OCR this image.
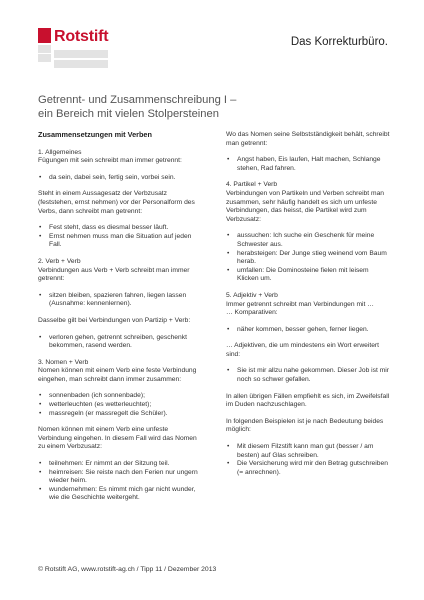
Rotstift	Das Korrekturbüro.
Getrennt- und Zusammenschreibung I –
ein Bereich mit vielen Stolpersteinen
Zusammensetzungen mit Verben

1. Allgemeines
Fügungen mit sein schreibt man immer getrennt:

• da sein, dabei sein, fertig sein, vorbei sein.

Steht in einem Aussagesatz der Verbzusatz (feststehen, ernst nehmen) vor der Personalform des Verbs, dann schreibt man getrennt:

• Fest steht, dass es diesmal besser läuft.
• Ernst nehmen muss man die Situation auf jeden Fall.

2. Verb + Verb
Verbindungen aus Verb + Verb schreibt man immer getrennt:

• sitzen bleiben, spazieren fahren, liegen lassen (Ausnahme: kennenlernen).

Dasselbe gilt bei Verbindungen von Partizip + Verb:

• verloren gehen, getrennt schreiben, geschenkt bekommen, rasend werden.

3. Nomen + Verb
Nomen können mit einem Verb eine feste Verbindung eingehen, man schreibt dann immer zusammen:

• sonnenbaden (ich sonnenbade);
• wetterleuchten (es wetterleuchtet);
• massregeln (er massregelt die Schüler).

Nomen können mit einem Verb eine unfeste Verbindung eingehen. In diesem Fall wird das Nomen zu einem Verbzusatz:

• teilnehmen: Er nimmt an der Sitzung teil.
• heimreisen: Sie reiste nach den Ferien nur ungern wieder heim.
• wundernehmen: Es nimmt mich gar nicht wunder, wie die Geschichte weitergeht.

Wo das Nomen seine Selbstständigkeit behält, schreibt man getrennt:

• Angst haben, Eis laufen, Halt machen, Schlange stehen, Rad fahren.

4. Partikel + Verb
Verbindungen von Partikeln und Verben schreibt man zusammen, sehr häufig handelt es sich um unfeste Verbindungen, das heisst, die Partikel wird zum Verbzusatz:

• aussuchen: Ich suche ein Geschenk für meine Schwester aus.
• herabsteigen: Der Junge stieg weinend vom Baum herab.
• umfallen: Die Dominosteine fielen mit leisem Klicken um.

5. Adjektiv + Verb
Immer getrennt schreibt man Verbindungen mit …
… Komparativen:

• näher kommen, besser gehen, ferner liegen.

… Adjektiven, die um mindestens ein Wort erweitert sind:

• Sie ist mir allzu nahe gekommen. Dieser Job ist mir noch so schwer gefallen.

In allen übrigen Fällen empfiehlt es sich, im Zweifelsfall im Duden nachzuschlagen.

In folgenden Beispielen ist je nach Bedeutung beides möglich:

• Mit diesem Filzstift kann man gut (besser / am besten) auf Glas schreiben.
• Die Versicherung wird mir den Betrag gutschreiben (= anrechnen).
© Rotstift AG, www.rotstift-ag.ch / Tipp 11 / Dezember 2013
